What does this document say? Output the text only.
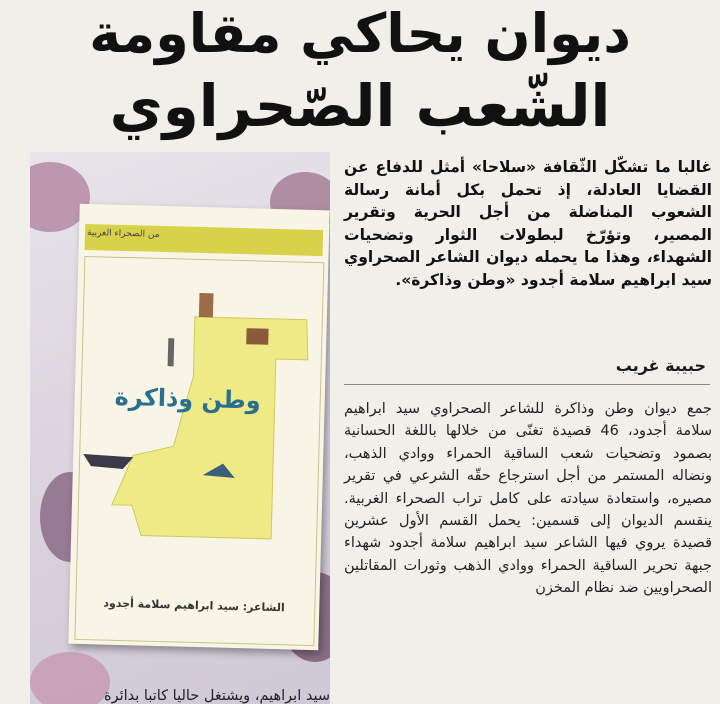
ديوان يحاكي مقاومة
الشّعب الصّحراوي
من الصحراء الغربية
وطن وذاكرة
الشاعر: سيد ابراهيم سلامة أجدود
غالبا ما تشكّل الثّقافة «سلاحا» أمثل للدفاع عن القضايا العادلة، إذ تحمل بكل أمانة رسالة الشعوب المناضلة من أجل الحرية وتقرير المصير، وتؤرّخ لبطولات الثوار وتضحيات الشهداء، وهذا ما يحمله ديوان الشاعر الصحراوي سيد ابراهيم سلامة أجدود «وطن وذاكرة».
حبيبة غريب
جمع ديوان وطن وذاكرة للشاعر الصحراوي سيد ابراهيم سلامة أجدود، 46 قصيدة تغنّى من خلالها باللغة الحسانية بصمود وتضحيات شعب الساقية الحمراء ووادي الذهب، ونضاله المستمر من أجل استرجاع حقّه الشرعي في تقرير مصيره، واستعادة سيادته على كامل تراب الصحراء الغربية. ينقسم الديوان إلى قسمين: يحمل القسم الأول عشرين قصيدة يروي فيها الشاعر سيد ابراهيم سلامة أجدود شهداء جبهة تحرير الساقية الحمراء ووادي الذهب وثورات المقاتلين الصحراويين ضد نظام المخزن
سيد ابراهيم، ويشتغل حاليا كاتبا بدائرة
